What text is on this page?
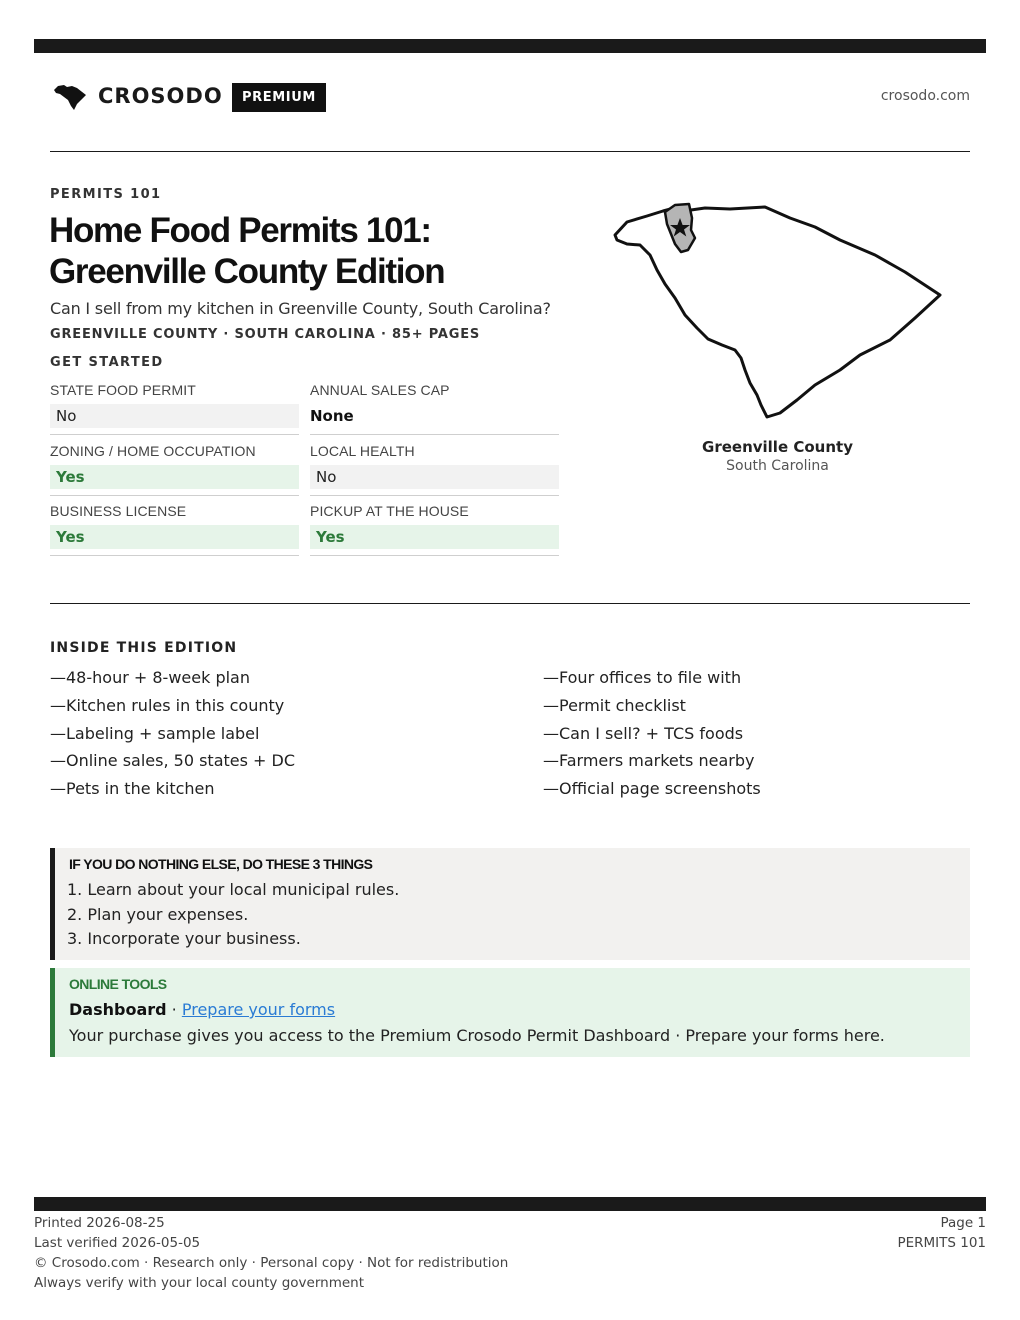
CROSODO	PREMIUM	crosodo.com
PERMITS 101
Home Food Permits 101:
Greenville County Edition
Can I sell from my kitchen in Greenville County, South Carolina?
GREENVILLE COUNTY · SOUTH CAROLINA · 85+ PAGES
GET STARTED
STATE FOOD PERMIT
No
ANNUAL SALES CAP
None
ZONING / HOME OCCUPATION
Yes
LOCAL HEALTH
No
BUSINESS LICENSE
Yes
PICKUP AT THE HOUSE
Yes
Greenville County
South Carolina
INSIDE THIS EDITION
—48-hour + 8-week plan
—Kitchen rules in this county
—Labeling + sample label
—Online sales, 50 states + DC
—Pets in the kitchen
—Four offices to file with
—Permit checklist
—Can I sell? + TCS foods
—Farmers markets nearby
—Official page screenshots
IF YOU DO NOTHING ELSE, DO THESE 3 THINGS
1. Learn about your local municipal rules.
2. Plan your expenses.
3. Incorporate your business.
ONLINE TOOLS
Dashboard · Prepare your forms
Your purchase gives you access to the Premium Crosodo Permit Dashboard · Prepare your forms here.
Printed 2026-08-25
Last verified 2026-05-05
© Crosodo.com · Research only · Personal copy · Not for redistribution
Always verify with your local county government
Page 1
PERMITS 101
